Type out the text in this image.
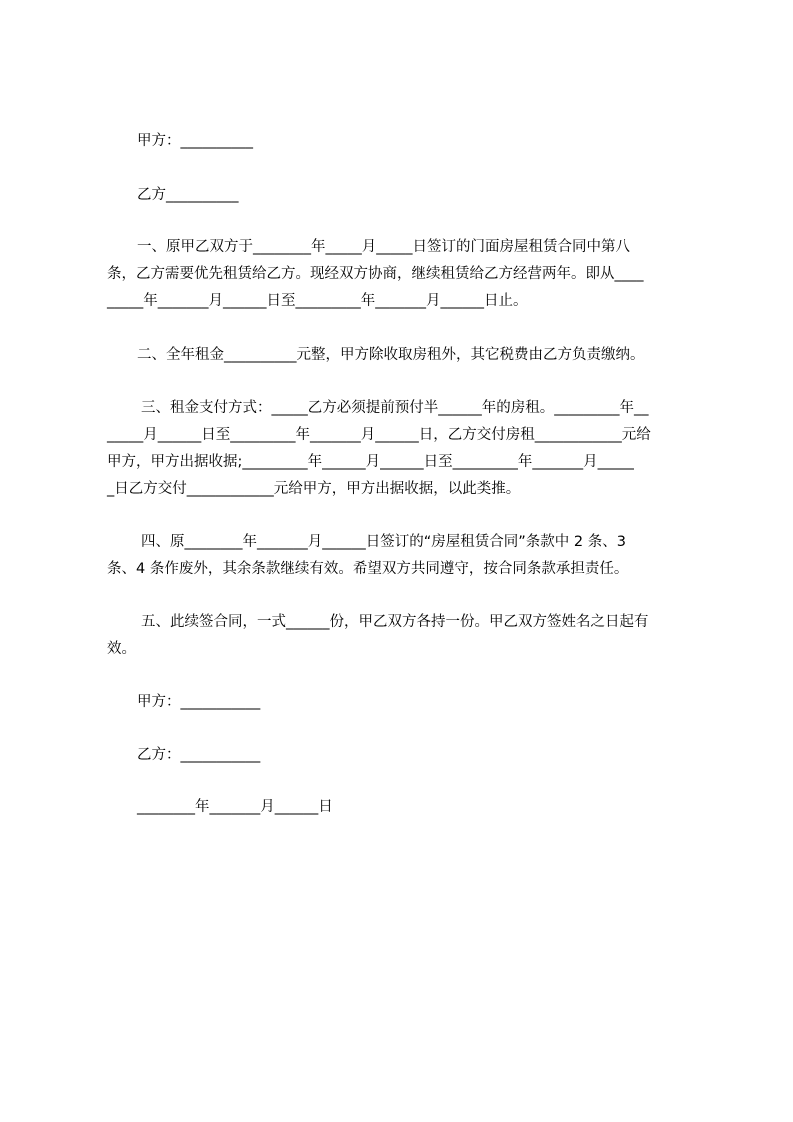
甲方：__________
乙方__________
一、原甲乙双方于________年_____月_____日签订的门面房屋租赁合同中第八
条，乙方需要优先租赁给乙方。现经双方协商，继续租赁给乙方经营两年。即从____
_____年_______月______日至_________年_______月______日止。
二、全年租金__________元整，甲方除收取房租外，其它税费由乙方负责缴纳。
三、租金支付方式：_____乙方必须提前预付半______年的房租。_________年__
_____月______日至_________年_______月______日，乙方交付房租____________元给
甲方，甲方出据收据;_________年______月______日至_________年_______月_____
_日乙方交付____________元给甲方，甲方出据收据，以此类推。
四、原________年_______月______日签订的“房屋租赁合同”条款中 2 条、3
条、4 条作废外，其余条款继续有效。希望双方共同遵守，按合同条款承担责任。
五、此续签合同，一式______份，甲乙双方各持一份。甲乙双方签姓名之日起有
效。
甲方：___________
乙方：___________
________年_______月______日
